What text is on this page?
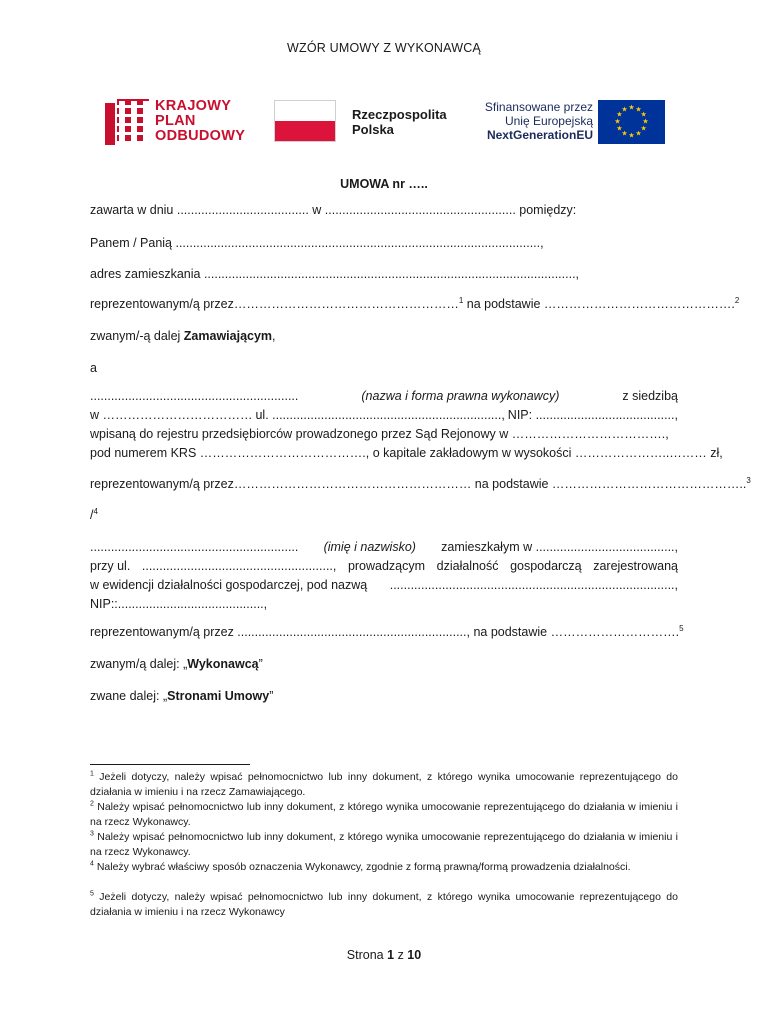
WZÓR UMOWY Z WYKONAWCĄ
KRAJOWY
PLAN
ODBUDOWY
Rzeczpospolita
Polska
Sfinansowane przez
Unię Europejską
NextGenerationEU
★ ★
★
★
★
★
★
★
★
★
★
★
UMOWA nr …..
zawarta w dniu ...................................... w ....................................................... pomiędzy:
Panem / Panią .........................................................................................................,
adres zamieszkania ...........................................................................................................,
reprezentowanym/ą przez………………………………………………$^1$ na podstawie ……………………………………….$^2$
zwanym/-ą dalej Zamawiającym,
a
............................................................	(nazwa i forma prawna wykonawcy)	z siedzibą
w ……………………………… ul. .................................................................., NIP: ........................................,
wpisaną do rejestru przedsiębiorców prowadzonego przez Sąd Rejonowy w ……………………………….,
pod numerem KRS …………………………………., o kapitale zakładowym w wysokości …………………..……… zł,
reprezentowanym/ą przez………………………………………………… na podstawie ………………………………………..$^3$
/$^4$
............................................................ (imię i nazwisko) zamieszkałym w ........................................,
przy ul. ......................................................., prowadzącym działalność gospodarczą zarejestrowaną
w ewidencji działalności gospodarczej, pod nazwą ..................................................................................,
NIP::..........................................,
reprezentowanym/ą przez .................................................................., na podstawie ………………………….$^5$
zwanym/ą dalej: „Wykonawcą”
zwane dalej: „Stronami Umowy”
$^1$ Jeżeli dotyczy, należy wpisać pełnomocnictwo lub inny dokument, z którego wynika umocowanie reprezentującego do działania w imieniu i na rzecz Zamawiającego.
$^2$ Należy wpisać pełnomocnictwo lub inny dokument, z którego wynika umocowanie reprezentującego do działania w imieniu i na rzecz Wykonawcy.
$^3$ Należy wpisać pełnomocnictwo lub inny dokument, z którego wynika umocowanie reprezentującego do działania w imieniu i na rzecz Wykonawcy.
$^4$ Należy wybrać właściwy sposób oznaczenia Wykonawcy, zgodnie z formą prawną/formą prowadzenia działalności.
$^5$ Jeżeli dotyczy, należy wpisać pełnomocnictwo lub inny dokument, z którego wynika umocowanie reprezentującego do działania w imieniu i na rzecz Wykonawcy
Strona 1 z 10
